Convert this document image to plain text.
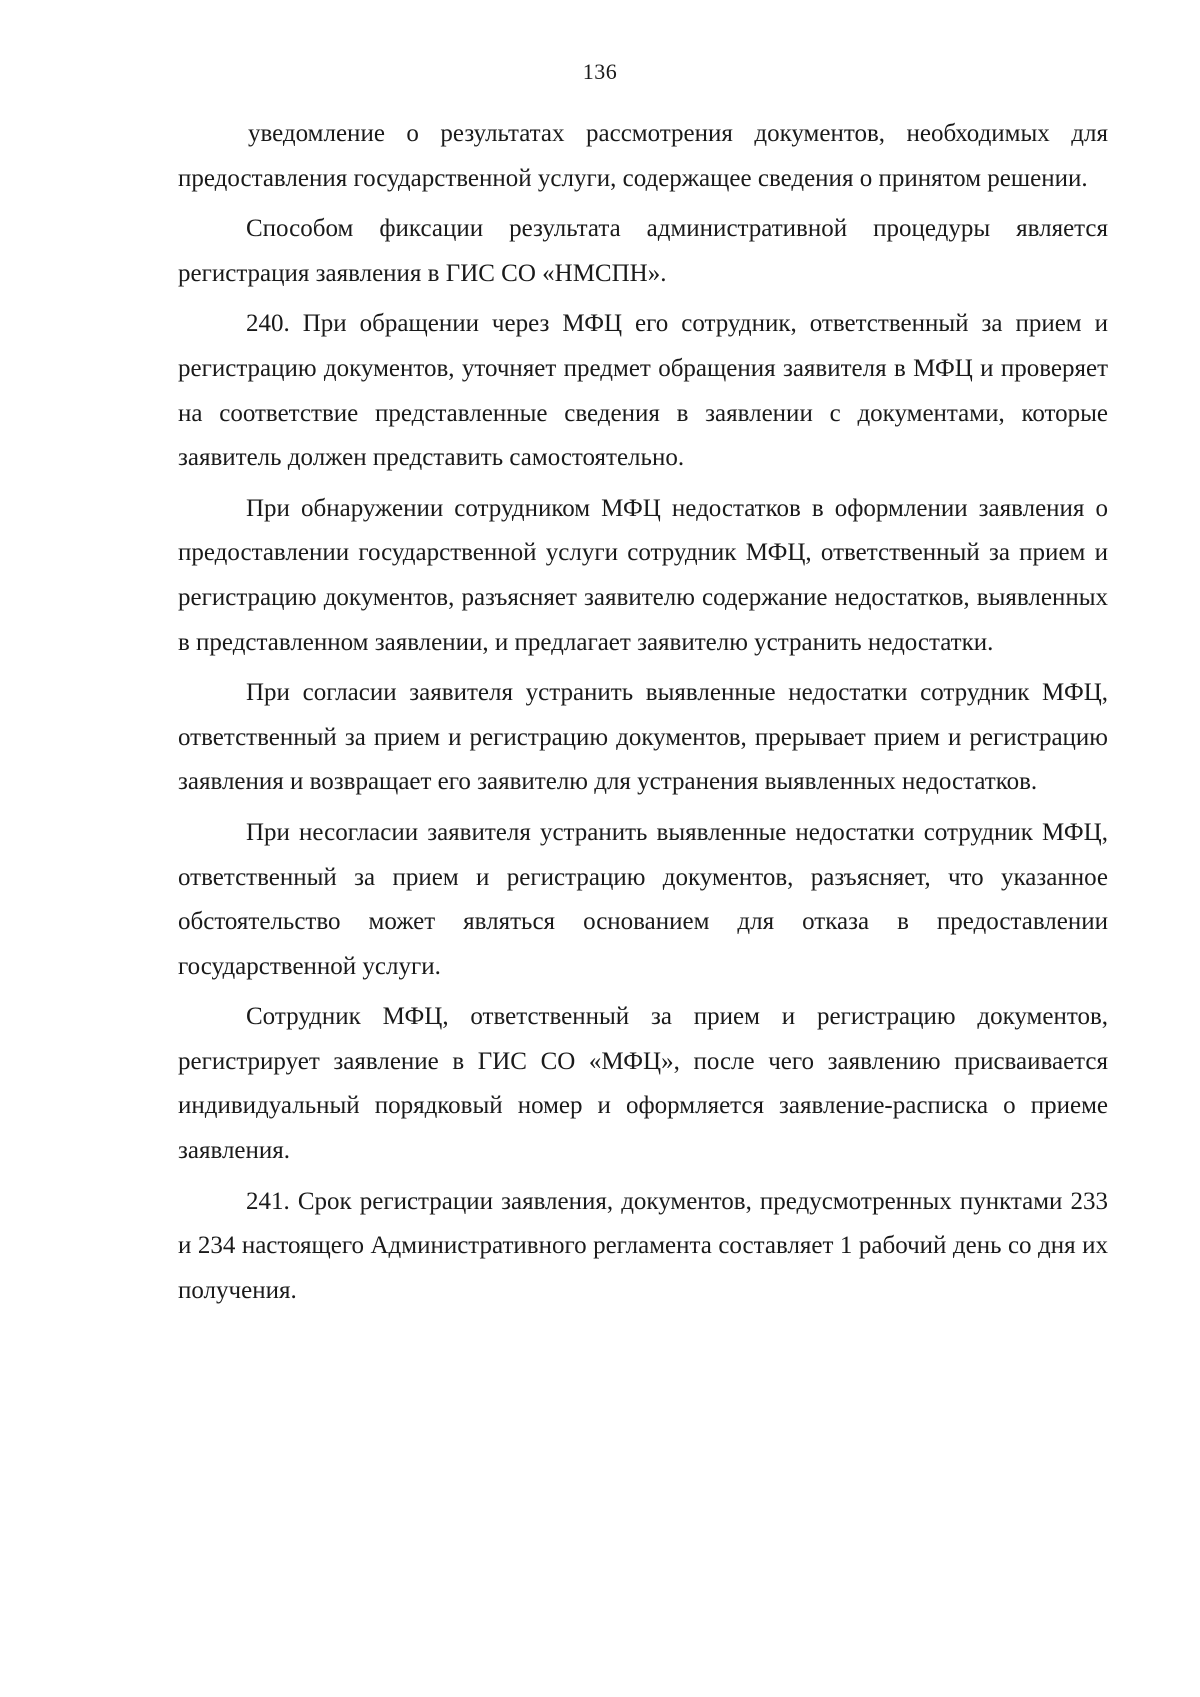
136

уведомление о результатах рассмотрения документов, необходимых для предоставления государственной услуги, содержащее сведения о принятом решении.

Способом фиксации результата административной процедуры является регистрация заявления в ГИС СО «НМСПН».

240. При обращении через МФЦ его сотрудник, ответственный за прием и регистрацию документов, уточняет предмет обращения заявителя в МФЦ и проверяет на соответствие представленные сведения в заявлении с документами, которые заявитель должен представить самостоятельно.

При обнаружении сотрудником МФЦ недостатков в оформлении заявления о предоставлении государственной услуги сотрудник МФЦ, ответственный за прием и регистрацию документов, разъясняет заявителю содержание недостатков, выявленных в представленном заявлении, и предлагает заявителю устранить недостатки.

При согласии заявителя устранить выявленные недостатки сотрудник МФЦ, ответственный за прием и регистрацию документов, прерывает прием и регистрацию заявления и возвращает его заявителю для устранения выявленных недостатков.

При несогласии заявителя устранить выявленные недостатки сотрудник МФЦ, ответственный за прием и регистрацию документов, разъясняет, что указанное обстоятельство может являться основанием для отказа в предоставлении государственной услуги.

Сотрудник МФЦ, ответственный за прием и регистрацию документов, регистрирует заявление в ГИС СО «МФЦ», после чего заявлению присваивается индивидуальный порядковый номер и оформляется заявление-расписка о приеме заявления.

241. Срок регистрации заявления, документов, предусмотренных пунктами 233 и 234 настоящего Административного регламента составляет 1 рабочий день со дня их получения.
